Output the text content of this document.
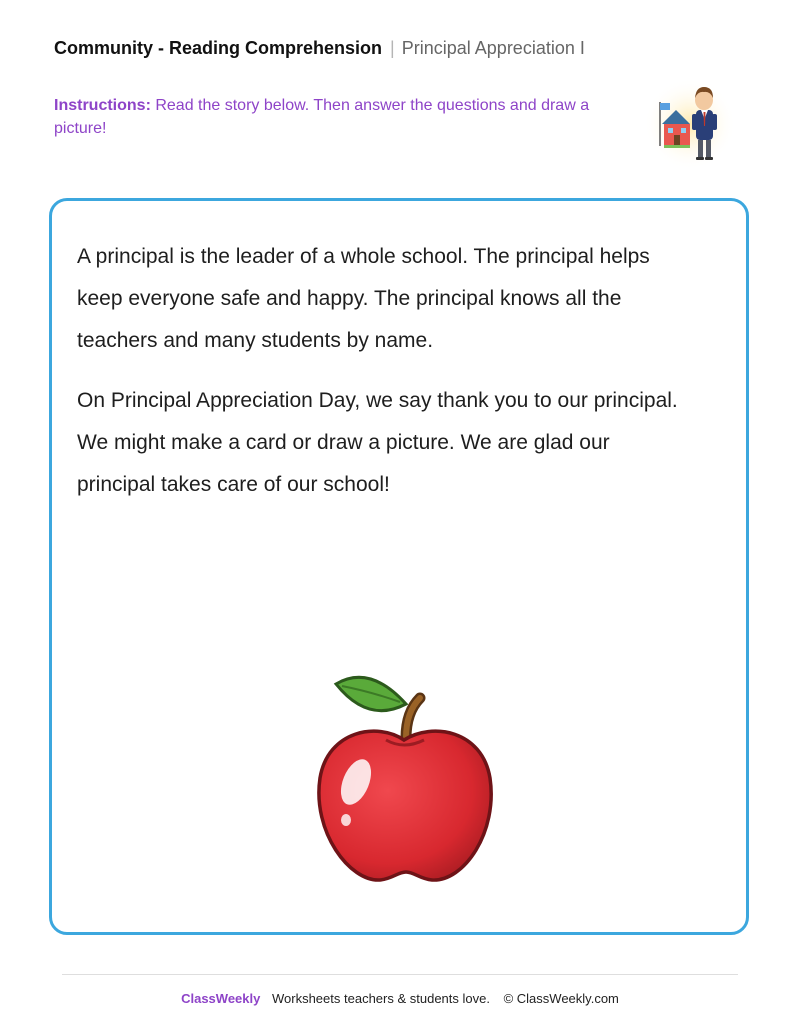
Community - Reading Comprehension | Principal Appreciation I
Instructions: Read the story below. Then answer the questions and draw a picture!

A principal is the leader of a whole school. The principal helps keep everyone safe and happy. The principal knows all the teachers and many students by name.

On Principal Appreciation Day, we say thank you to our principal. We might make a card or draw a picture. We are glad our principal takes care of our school!

ClassWeekly Worksheets teachers & students love. © ClassWeekly.com
